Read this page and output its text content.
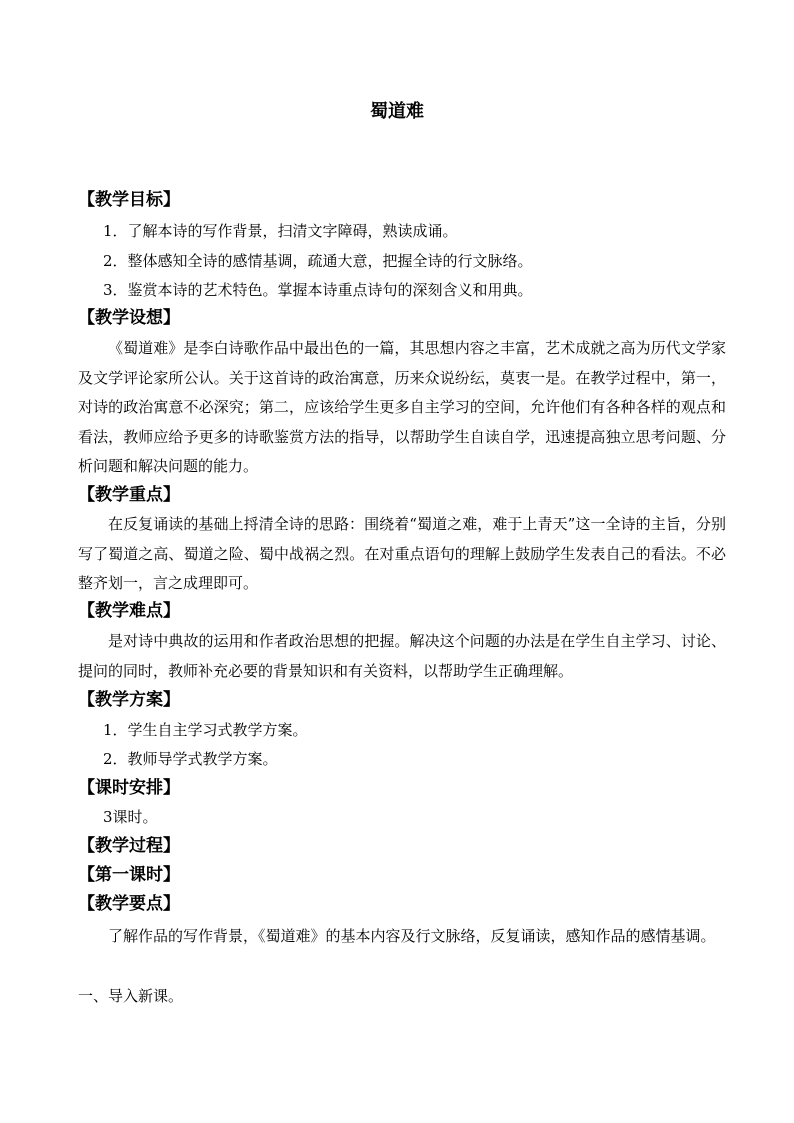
蜀道难
【教学目标】
1．了解本诗的写作背景，扫清文字障碍，熟读成诵。
2．整体感知全诗的感情基调，疏通大意，把握全诗的行文脉络。
3．鉴赏本诗的艺术特色。掌握本诗重点诗句的深刻含义和用典。
【教学设想】
《蜀道难》是李白诗歌作品中最出色的一篇，其思想内容之丰富，艺术成就之高为历代文学家及文学评论家所公认。关于这首诗的政治寓意，历来众说纷纭，莫衷一是。在教学过程中，第一，对诗的政治寓意不必深究；第二，应该给学生更多自主学习的空间，允许他们有各种各样的观点和看法，教师应给予更多的诗歌鉴赏方法的指导，以帮助学生自读自学，迅速提高独立思考问题、分析问题和解决问题的能力。
【教学重点】
在反复诵读的基础上捋清全诗的思路：围绕着“蜀道之难，难于上青天”这一全诗的主旨，分别写了蜀道之高、蜀道之险、蜀中战祸之烈。在对重点语句的理解上鼓励学生发表自己的看法。不必整齐划一，言之成理即可。
【教学难点】
是对诗中典故的运用和作者政治思想的把握。解决这个问题的办法是在学生自主学习、讨论、提问的同时，教师补充必要的背景知识和有关资料，以帮助学生正确理解。
【教学方案】
1．学生自主学习式教学方案。
2．教师导学式教学方案。
【课时安排】
3课时。
【教学过程】
【第一课时】
【教学要点】
了解作品的写作背景，《蜀道难》的基本内容及行文脉络，反复诵读，感知作品的感情基调。
一、导入新课。
